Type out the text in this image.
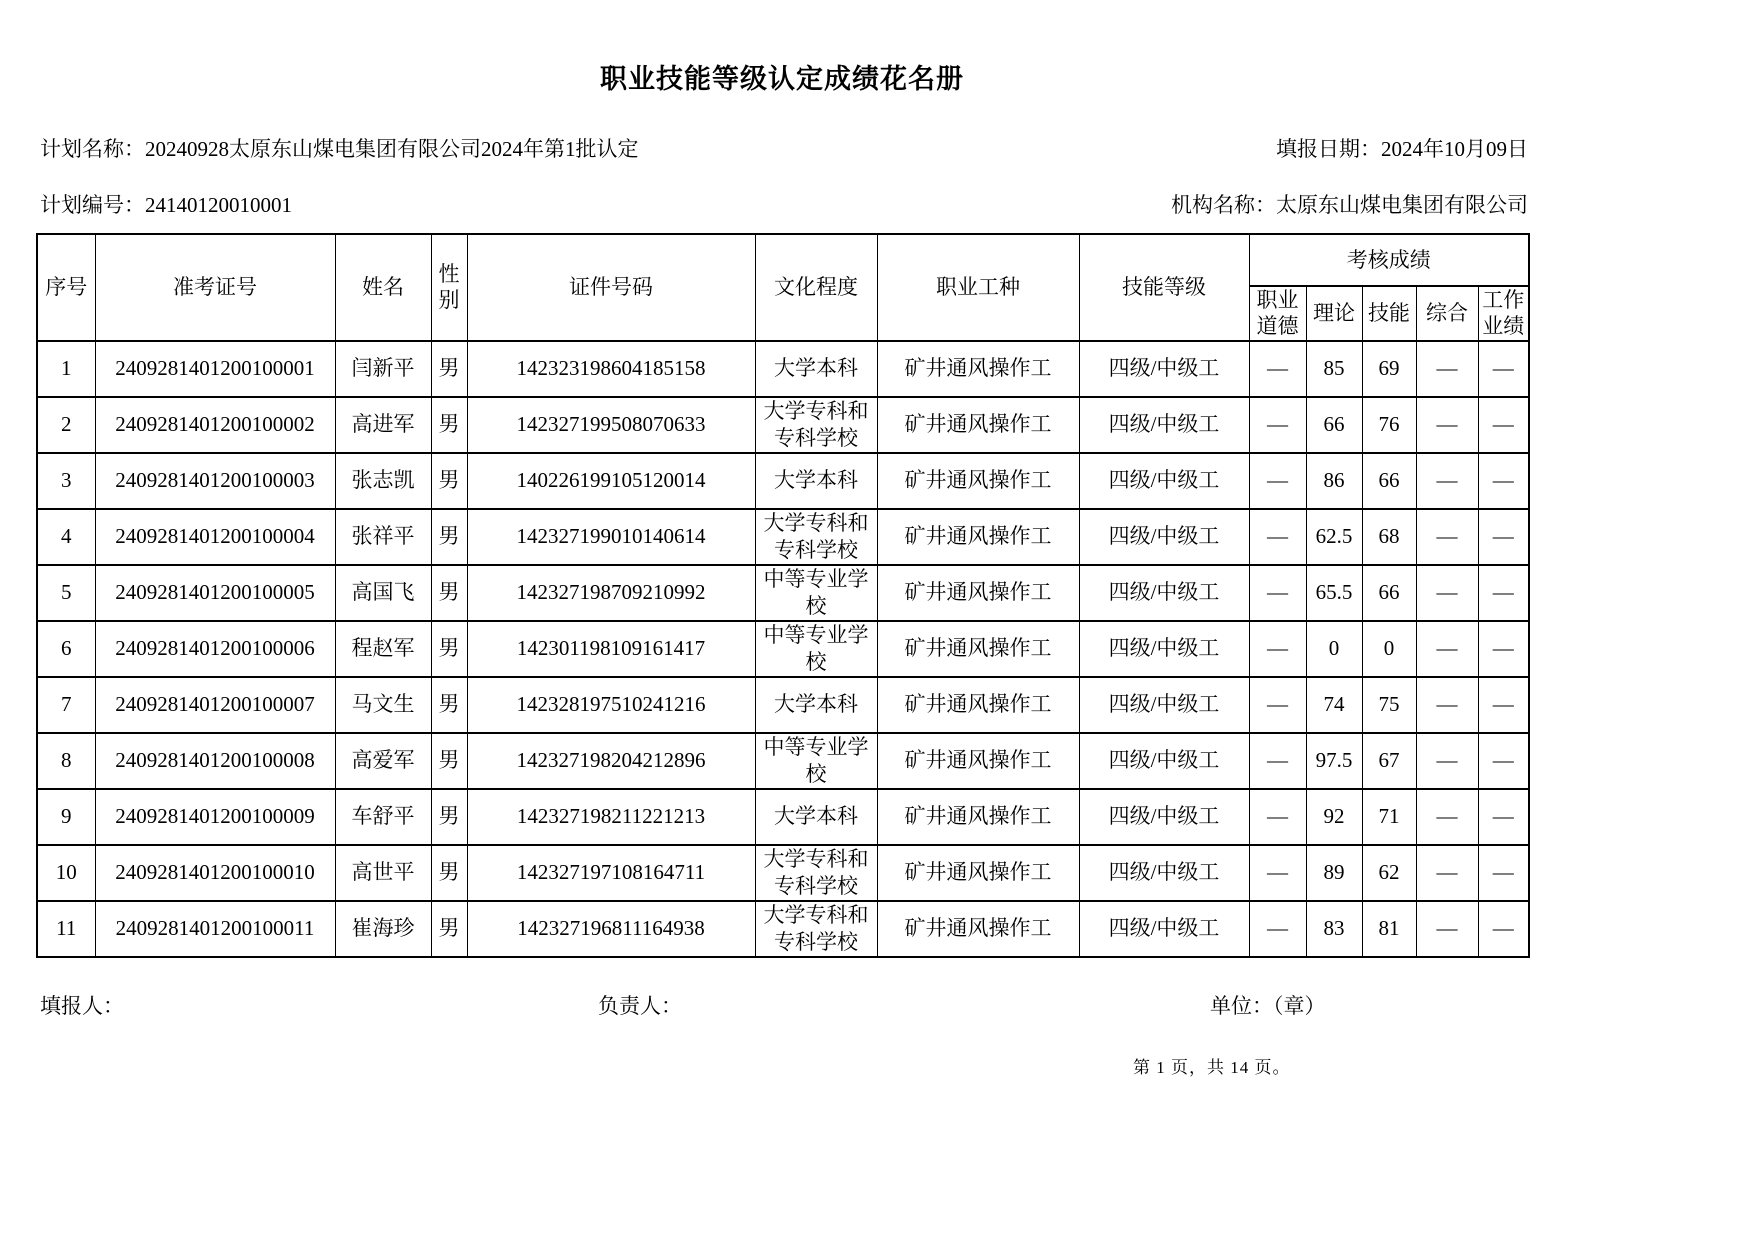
职业技能等级认定成绩花名册
计划名称：20240928太原东山煤电集团有限公司2024年第1批认定	填报日期：2024年10月09日
计划编号：24140120010001	机构名称：太原东山煤电集团有限公司
序号	准考证号	姓名	性别	证件号码	文化程度	职业工种	技能等级	考核成绩				
								职业道德	理论	技能	综合	工作业绩
1	2409281401200100001	闫新平	男	142323198604185158	大学本科	矿井通风操作工	四级/中级工	—	85	69	—	—
2	2409281401200100002	高进军	男	142327199508070633	大学专科和专科学校	矿井通风操作工	四级/中级工	—	66	76	—	—
3	2409281401200100003	张志凯	男	140226199105120014	大学本科	矿井通风操作工	四级/中级工	—	86	66	—	—
4	2409281401200100004	张祥平	男	142327199010140614	大学专科和专科学校	矿井通风操作工	四级/中级工	—	62.5	68	—	—
5	2409281401200100005	高国飞	男	142327198709210992	中等专业学校	矿井通风操作工	四级/中级工	—	65.5	66	—	—
6	2409281401200100006	程赵军	男	142301198109161417	中等专业学校	矿井通风操作工	四级/中级工	—	0	0	—	—
7	2409281401200100007	马文生	男	142328197510241216	大学本科	矿井通风操作工	四级/中级工	—	74	75	—	—
8	2409281401200100008	高爱军	男	142327198204212896	中等专业学校	矿井通风操作工	四级/中级工	—	97.5	67	—	—
9	2409281401200100009	车舒平	男	142327198211221213	大学本科	矿井通风操作工	四级/中级工	—	92	71	—	—
10	2409281401200100010	高世平	男	142327197108164711	大学专科和专科学校	矿井通风操作工	四级/中级工	—	89	62	—	—
11	2409281401200100011	崔海珍	男	142327196811164938	大学专科和专科学校	矿井通风操作工	四级/中级工	—	83	81	—	—
填报人：	负责人：	单位：（章）
第 1 页，共 14 页。
